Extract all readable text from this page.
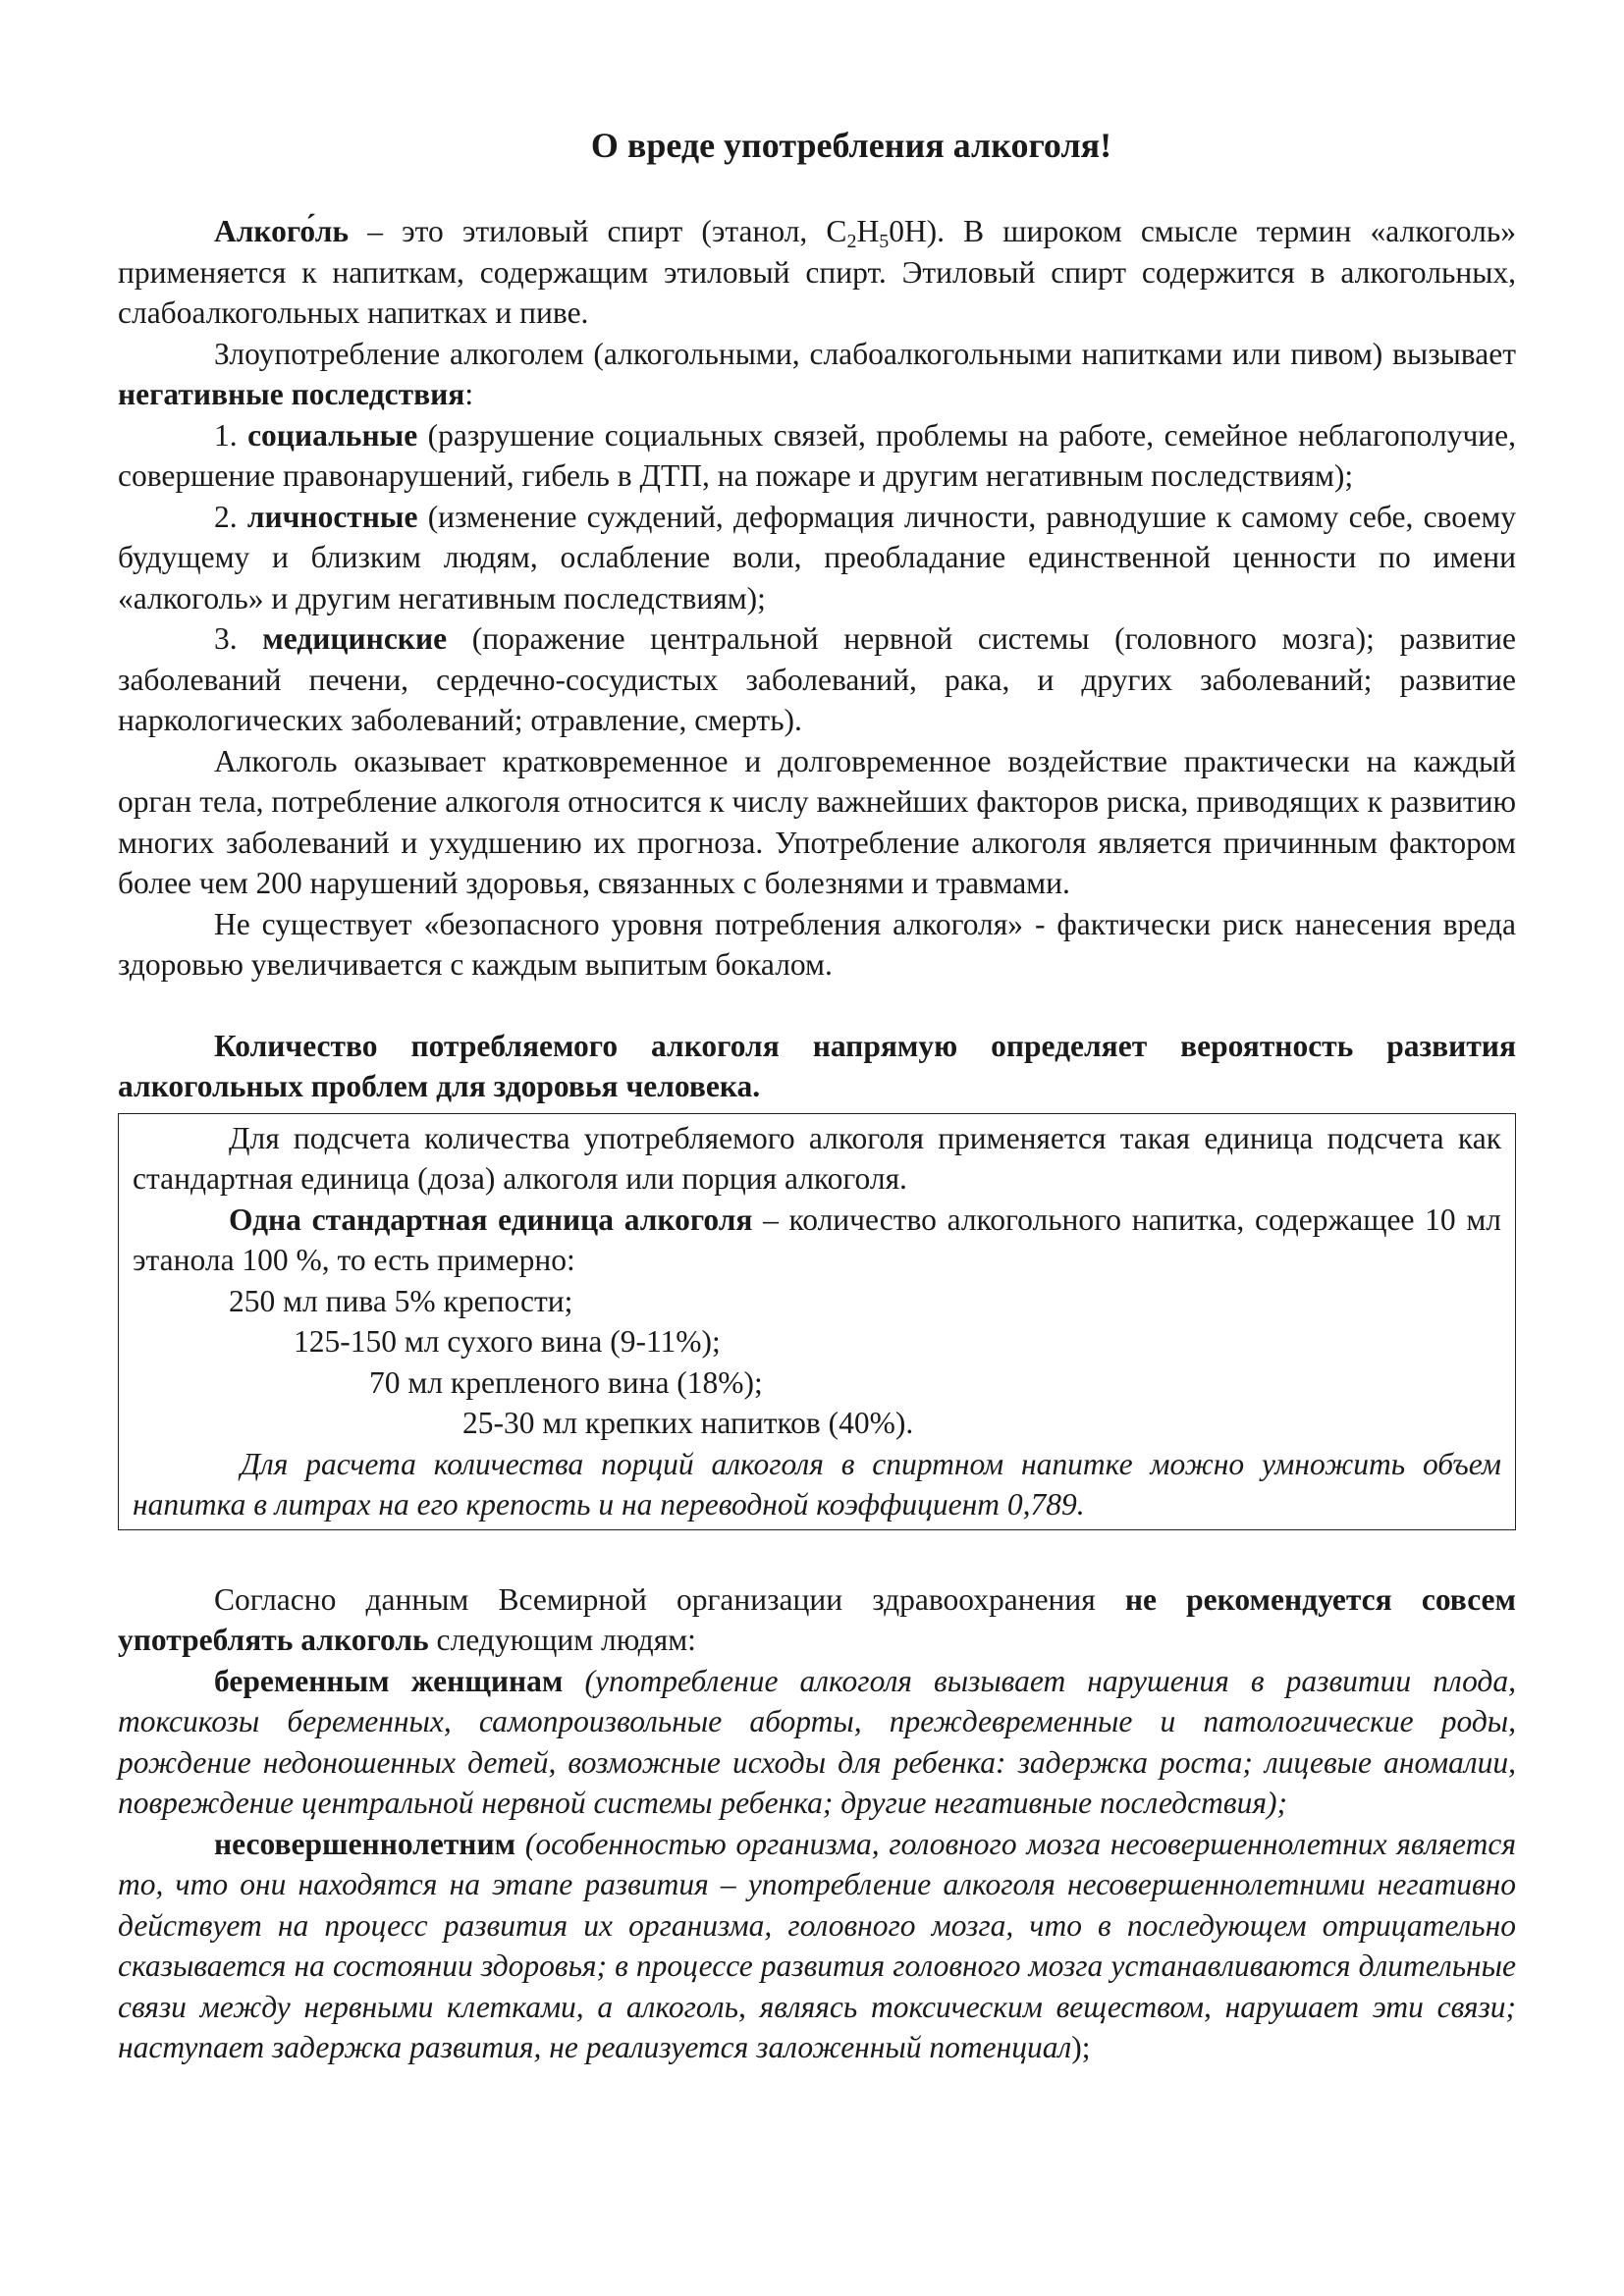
О вреде употребления алкоголя!

Алкого́ль – это этиловый спирт (этанол, $C_2H_50H$). В широком смысле термин «алкоголь» применяется к напиткам, содержащим этиловый спирт. Этиловый спирт содержится в алкогольных, слабоалкогольных напитках и пиве.

Злоупотребление алкоголем (алкогольными, слабоалкогольными напитками или пивом) вызывает негативные последствия:

1. социальные (разрушение социальных связей, проблемы на работе, семейное неблагополучие, совершение правонарушений, гибель в ДТП, на пожаре и другим негативным последствиям);

2. личностные (изменение суждений, деформация личности, равнодушие к самому себе, своему будущему и близким людям, ослабление воли, преобладание единственной ценности по имени «алкоголь» и другим негативным последствиям);

3. медицинские (поражение центральной нервной системы (головного мозга); развитие заболеваний печени, сердечно-сосудистых заболеваний, рака, и других заболеваний; развитие наркологических заболеваний; отравление, смерть).

Алкоголь оказывает кратковременное и долговременное воздействие практически на каждый орган тела, потребление алкоголя относится к числу важнейших факторов риска, приводящих к развитию многих заболеваний и ухудшению их прогноза. Употребление алкоголя является причинным фактором более чем 200 нарушений здоровья, связанных с болезнями и травмами.

Не существует «безопасного уровня потребления алкоголя» - фактически риск нанесения вреда здоровью увеличивается с каждым выпитым бокалом.

Количество потребляемого алкоголя напрямую определяет вероятность развития алкогольных проблем для здоровья человека.

Для подсчета количества употребляемого алкоголя применяется такая единица подсчета как стандартная единица (доза) алкоголя или порция алкоголя.

Одна стандартная единица алкоголя – количество алкогольного напитка, содержащее 10 мл этанола 100 %, то есть примерно:

250 мл пива 5% крепости;
125-150 мл сухого вина (9-11%);
70 мл крепленого вина (18%);
25-30 мл крепких напитков (40%).

Для расчета количества порций алкоголя в спиртном напитке можно умножить объем напитка в литрах на его крепость и на переводной коэффициент 0,789.

Согласно данным Всемирной организации здравоохранения не рекомендуется совсем употреблять алкоголь следующим людям:

беременным женщинам (употребление алкоголя вызывает нарушения в развитии плода, токсикозы беременных, самопроизвольные аборты, преждевременные и патологические роды, рождение недоношенных детей, возможные исходы для ребенка: задержка роста; лицевые аномалии, повреждение центральной нервной системы ребенка; другие негативные последствия);

несовершеннолетним (особенностью организма, головного мозга несовершеннолетних является то, что они находятся на этапе развития – употребление алкоголя несовершеннолетними негативно действует на процесс развития их организма, головного мозга, что в последующем отрицательно сказывается на состоянии здоровья; в процессе развития головного мозга устанавливаются длительные связи между нервными клетками, а алкоголь, являясь токсическим веществом, нарушает эти связи; наступает задержка развития, не реализуется заложенный потенциал);
